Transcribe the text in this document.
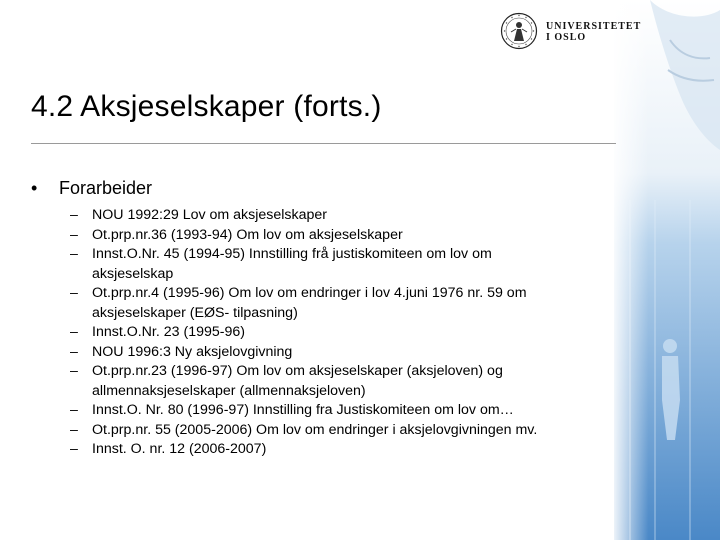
UNIVERSITETET
I OSLO
4.2 Aksjeselskaper (forts.)
• Forarbeider
– NOU 1992:29 Lov om aksjeselskaper
– Ot.prp.nr.36 (1993-94) Om lov om aksjeselskaper
– Innst.O.Nr. 45 (1994-95) Innstilling frå justiskomiteen om lov om
aksjeselskap
– Ot.prp.nr.4 (1995-96) Om lov om endringer i lov 4.juni 1976 nr. 59 om
aksjeselskaper (EØS- tilpasning)
– Innst.O.Nr. 23 (1995-96)
– NOU 1996:3 Ny aksjelovgivning
– Ot.prp.nr.23 (1996-97) Om lov om aksjeselskaper (aksjeloven) og
allmennaksjeselskaper (allmennaksjeloven)
– Innst.O. Nr. 80 (1996-97) Innstilling fra Justiskomiteen om lov om…
– Ot.prp.nr. 55 (2005-2006) Om lov om endringer i aksjelovgivningen mv.
– Innst. O. nr. 12 (2006-2007)
